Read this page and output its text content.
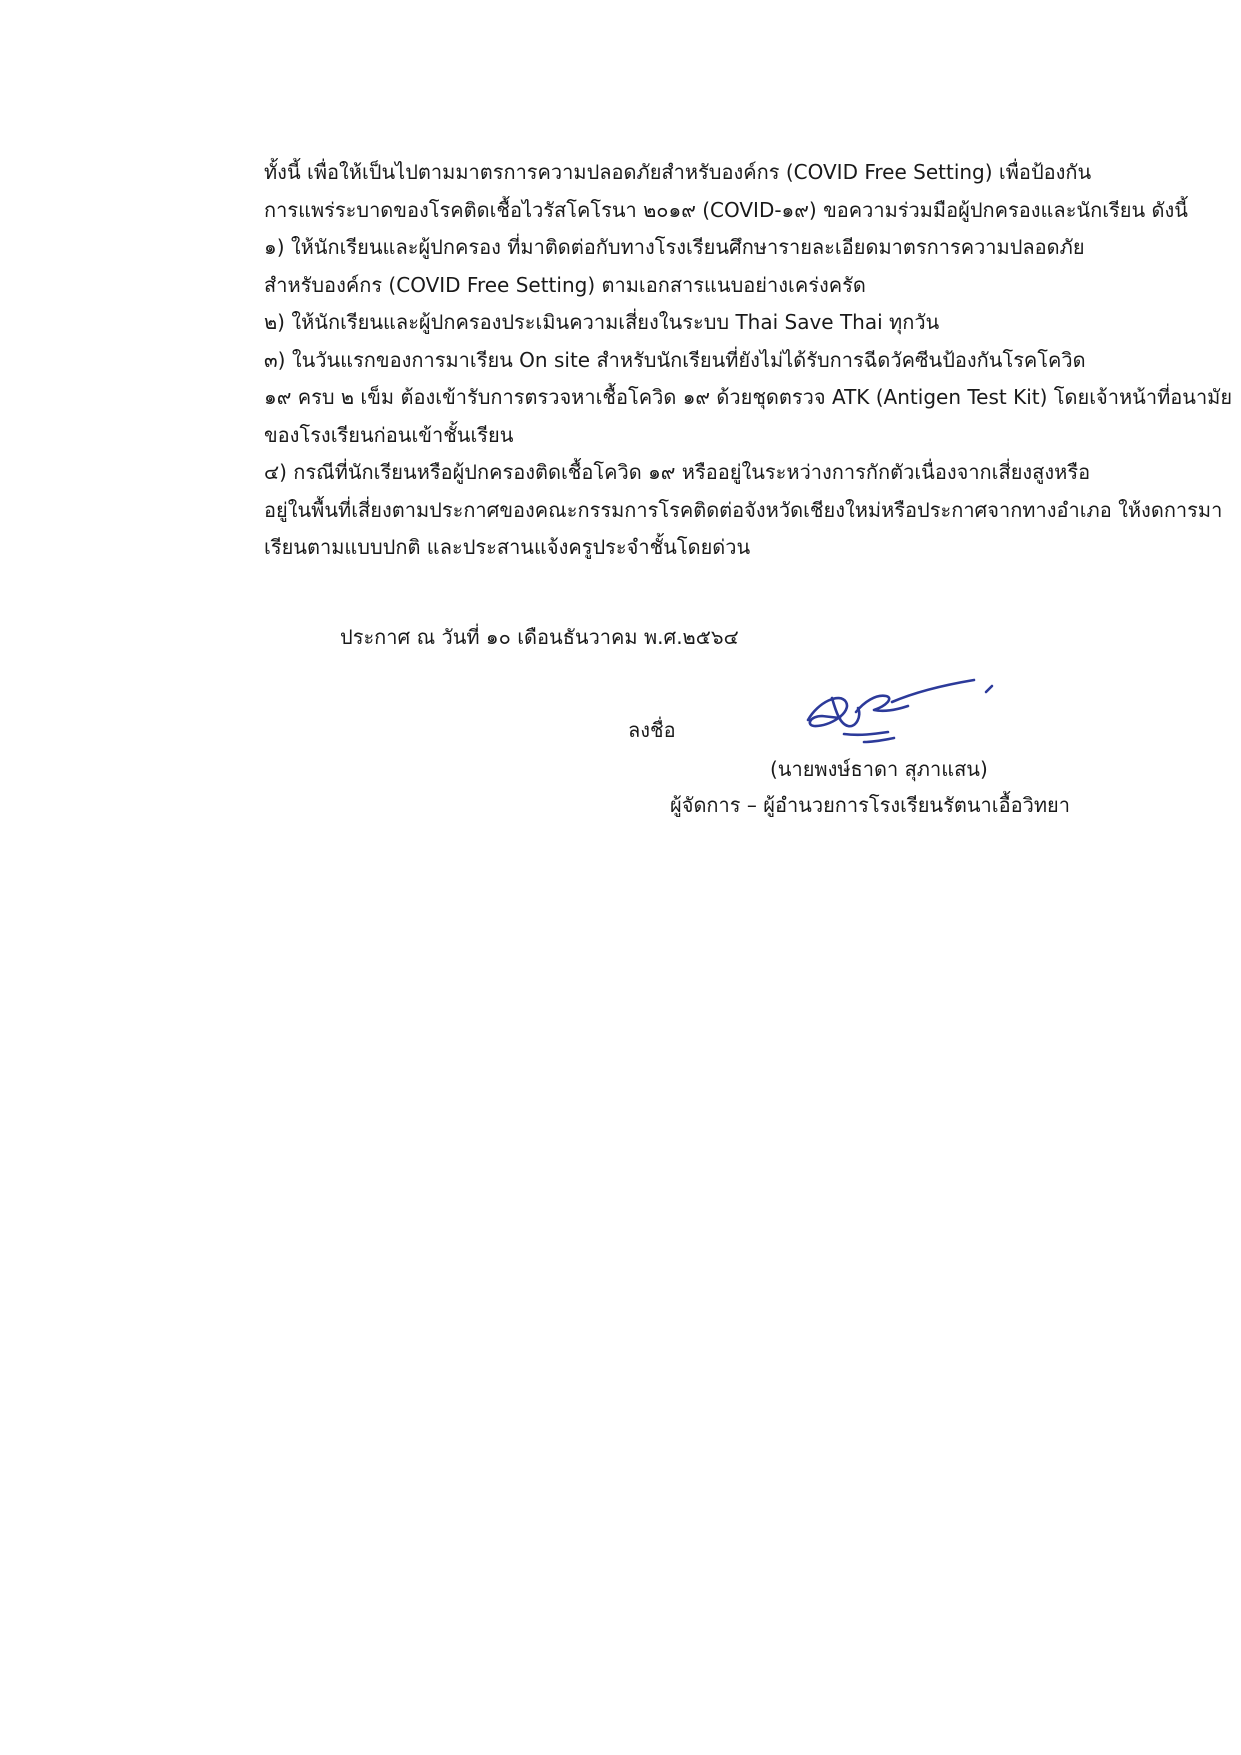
ทั้งนี้ เพื่อให้เป็นไปตามมาตรการความปลอดภัยสำหรับองค์กร (COVID Free Setting) เพื่อป้องกัน
การแพร่ระบาดของโรคติดเชื้อไวรัสโคโรนา ๒๐๑๙ (COVID-๑๙) ขอความร่วมมือผู้ปกครองและนักเรียน ดังนี้

๑) ให้นักเรียนและผู้ปกครอง ที่มาติดต่อกับทางโรงเรียนศึกษารายละเอียดมาตรการความปลอดภัย
สำหรับองค์กร (COVID Free Setting) ตามเอกสารแนบอย่างเคร่งครัด

๒) ให้นักเรียนและผู้ปกครองประเมินความเสี่ยงในระบบ Thai Save Thai ทุกวัน

๓) ในวันแรกของการมาเรียน On site สำหรับนักเรียนที่ยังไม่ได้รับการฉีดวัคซีนป้องกันโรคโควิด
๑๙ ครบ ๒ เข็ม ต้องเข้ารับการตรวจหาเชื้อโควิด ๑๙ ด้วยชุดตรวจ ATK (Antigen Test Kit) โดยเจ้าหน้าที่อนามัย
ของโรงเรียนก่อนเข้าชั้นเรียน

๔) กรณีที่นักเรียนหรือผู้ปกครองติดเชื้อโควิด ๑๙ หรืออยู่ในระหว่างการกักตัวเนื่องจากเสี่ยงสูงหรือ
อยู่ในพื้นที่เสี่ยงตามประกาศของคณะกรรมการโรคติดต่อจังหวัดเชียงใหม่หรือประกาศจากทางอำเภอ ให้งดการมา
เรียนตามแบบปกติ และประสานแจ้งครูประจำชั้นโดยด่วน

ประกาศ ณ วันที่ ๑๐ เดือนธันวาคม พ.ศ.๒๕๖๔
ลงชื่อ
(นายพงษ์ธาดา สุภาแสน)
ผู้จัดการ – ผู้อำนวยการโรงเรียนรัตนาเอื้อวิทยา
